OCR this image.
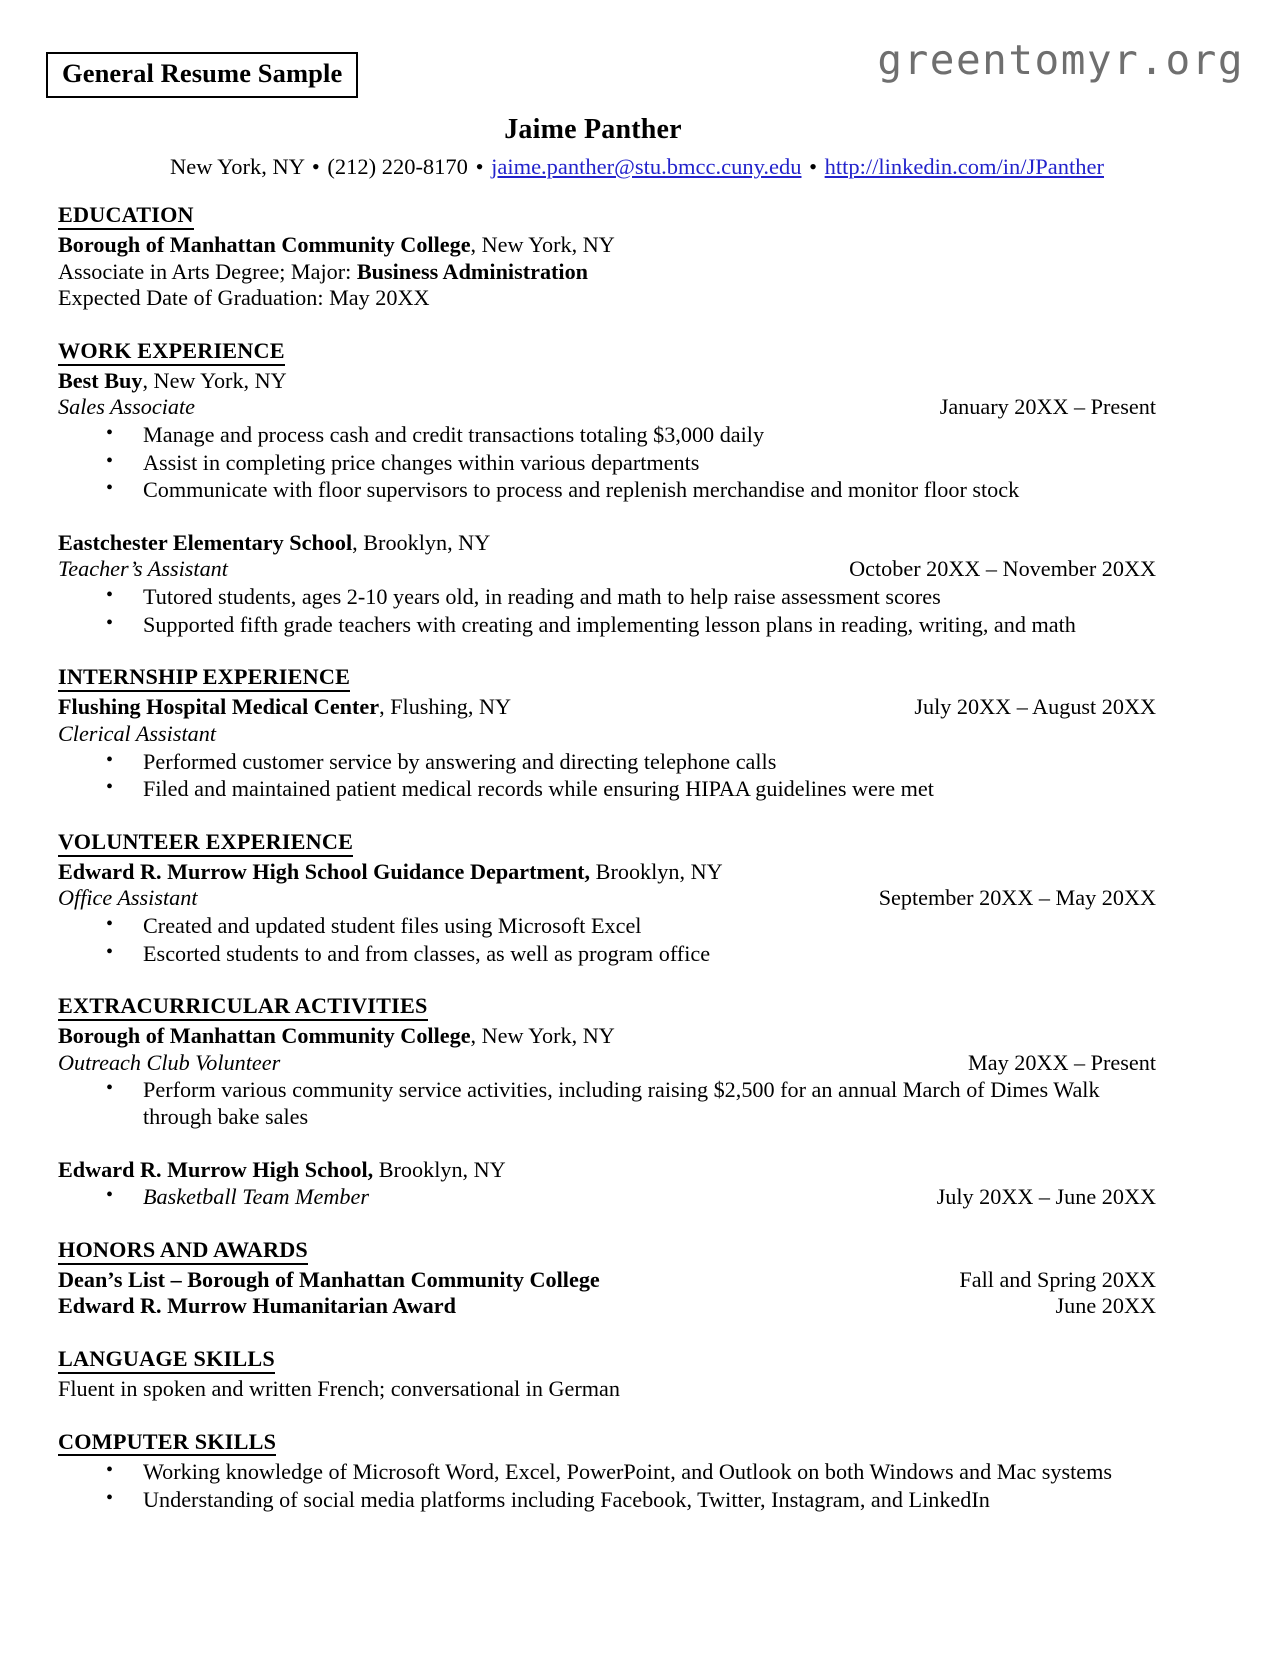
General Resume Sample	greentomyr.org
Jaime Panther
New York, NY • (212) 220-8170 • jaime.panther@stu.bmcc.cuny.edu • http://linkedin.com/in/JPanther
EDUCATION
Borough of Manhattan Community College, New York, NY
Associate in Arts Degree; Major: Business Administration
Expected Date of Graduation: May 20XX
WORK EXPERIENCE
Best Buy, New York, NY
Sales Associate	January 20XX – Present
• Manage and process cash and credit transactions totaling $3,000 daily
• Assist in completing price changes within various departments
• Communicate with floor supervisors to process and replenish merchandise and monitor floor stock
Eastchester Elementary School, Brooklyn, NY
Teacher’s Assistant	October 20XX – November 20XX
• Tutored students, ages 2-10 years old, in reading and math to help raise assessment scores
• Supported fifth grade teachers with creating and implementing lesson plans in reading, writing, and math
INTERNSHIP EXPERIENCE
Flushing Hospital Medical Center, Flushing, NY	July 20XX – August 20XX
Clerical Assistant
• Performed customer service by answering and directing telephone calls
• Filed and maintained patient medical records while ensuring HIPAA guidelines were met
VOLUNTEER EXPERIENCE
Edward R. Murrow High School Guidance Department, Brooklyn, NY
Office Assistant	September 20XX – May 20XX
• Created and updated student files using Microsoft Excel
• Escorted students to and from classes, as well as program office
EXTRACURRICULAR ACTIVITIES
Borough of Manhattan Community College, New York, NY
Outreach Club Volunteer	May 20XX – Present
• Perform various community service activities, including raising $2,500 for an annual March of Dimes Walk through bake sales
Edward R. Murrow High School, Brooklyn, NY
• Basketball Team Member	July 20XX – June 20XX
HONORS AND AWARDS
Dean’s List – Borough of Manhattan Community College	Fall and Spring 20XX
Edward R. Murrow Humanitarian Award	June 20XX
LANGUAGE SKILLS
Fluent in spoken and written French; conversational in German
COMPUTER SKILLS
• Working knowledge of Microsoft Word, Excel, PowerPoint, and Outlook on both Windows and Mac systems
• Understanding of social media platforms including Facebook, Twitter, Instagram, and LinkedIn
